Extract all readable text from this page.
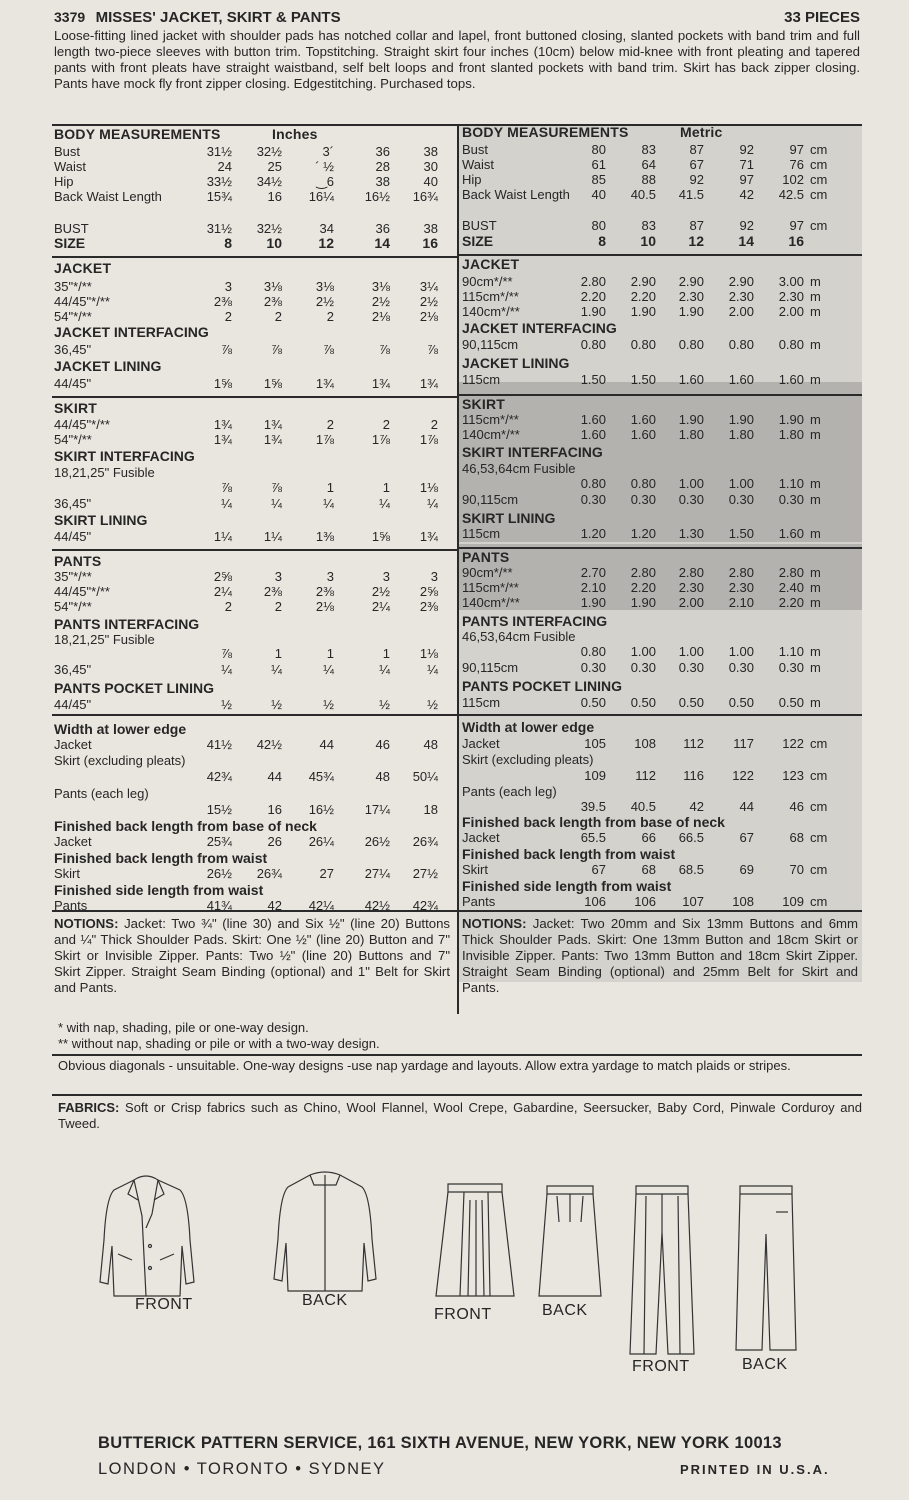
3379 MISSES' JACKET, SKIRT & PANTS	33 PIECES
Loose-fitting lined jacket with shoulder pads has notched collar and lapel, front buttoned closing, slanted pockets with band trim and full length two-piece sleeves with button trim. Topstitching. Straight skirt four inches (10cm) below mid-knee with front pleating and tapered pants with front pleats have straight waistband, self belt loops and front slanted pockets with band trim. Skirt has back zipper closing. Pants have mock fly front zipper closing. Edgestitching. Purchased tops.
BODY MEASUREMENTS	Inches	BODY MEASUREMENTS	Metric
Bust	31½	32½	3´	36	38 Bust	80	83	87	92	97 cm
Waist	24	25	´ ½	28	30 Waist	61	64	67	71	76 cm
Hip	33½	34½	‿6	38	40 Hip	85	88	92	97	102 cm
Back Waist Length	15¾	16	16¼	16½	16¾ Back Waist Length	40	40.5	41.5	42	42.5 cm
BUST	31½	32½	34	36	38
SIZE	8	10	12	14	16
BUST	80	83	87	92	97 cm
SIZE	8	10	12	14	16
JACKET	JACKET
35"*/**	3	3⅛	3⅛	3⅛	3¼ 90cm*/**	2.80	2.90	2.90	2.90	3.00 m
44/45"*/**	2⅜	2⅜	2½	2½	2½ 115cm*/**	2.20	2.20	2.30	2.30	2.30 m
54"*/**	2	2	2	2⅛	2⅛ 140cm*/**	1.90	1.90	1.90	2.00	2.00 m
JACKET INTERFACING
36,45"	⅞	⅞	⅞	⅞	⅞
JACKET LINING
44/45"	1⅝	1⅝	1¾	1¾	1¾
JACKET INTERFACING
90,115cm	0.80	0.80	0.80	0.80	0.80 m
JACKET LINING
115cm	1.50	1.50	1.60	1.60	1.60 m
SKIRT
44/45"*/**	1¾	1¾	2	2	2
54"*/**	1¾	1¾	1⅞	1⅞	1⅞
SKIRT INTERFACING
18,21,25" Fusible
⅞	⅞	1	1	1⅛
36,45"	¼	¼	¼	¼	¼
SKIRT LINING
44/45"	1¼	1¼	1⅜	1⅝	1¾
SKIRT
115cm*/**	1.60	1.60	1.90	1.90	1.90 m
140cm*/**	1.60	1.60	1.80	1.80	1.80 m
SKIRT INTERFACING
46,53,64cm Fusible
0.80	0.80	1.00	1.00	1.10 m
90,115cm	0.30	0.30	0.30	0.30	0.30 m
SKIRT LINING
115cm	1.20	1.20	1.30	1.50	1.60 m
PANTS
35"*/**	2⅝	3	3	3	3
44/45"*/**	2¼	2⅜	2⅜	2½	2⅝
54"*/**	2	2	2⅛	2¼	2⅜
PANTS INTERFACING
18,21,25" Fusible
⅞	1	1	1	1⅛
36,45"	¼	¼	¼	¼	¼
PANTS POCKET LINING
44/45"	½	½	½	½	½
PANTS
90cm*/**	2.70	2.80	2.80	2.80	2.80 m
115cm*/**	2.10	2.20	2.30	2.30	2.40 m
140cm*/**	1.90	1.90	2.00	2.10	2.20 m
PANTS INTERFACING
46,53,64cm Fusible
0.80	1.00	1.00	1.00	1.10 m
90,115cm	0.30	0.30	0.30	0.30	0.30 m
PANTS POCKET LINING
115cm	0.50	0.50	0.50	0.50	0.50 m
Width at lower edge
Jacket	41½	42½	44	46	48
Skirt (excluding pleats)
42¾	44	45¾	48	50¼
Pants (each leg)
15½	16	16½	17¼	18
Finished back length from base of neck
Jacket	25¾	26	26¼	26½	26¾
Finished back length from waist
Skirt	26½	26¾	27	27¼	27½
Finished side length from waist
Pants	41¾	42	42¼	42½	42¾
Width at lower edge
Jacket	105	108	112	117	122 cm
Skirt (excluding pleats)
109	112	116	122	123 cm
Pants (each leg)
39.5	40.5	42	44	46 cm
Finished back length from base of neck
Jacket	65.5	66	66.5	67	68 cm
Finished back length from waist
Skirt	67	68	68.5	69	70 cm
Finished side length from waist
Pants	106	106	107	108	109 cm
NOTIONS: Jacket: Two ¾" (line 30) and Six ½" (line 20) Buttons and ¼" Thick Shoulder Pads. Skirt: One ½" (line 20) Button and 7" Skirt or Invisible Zipper. Pants: Two ½" (line 20) Buttons and 7" Skirt Zipper. Straight Seam Binding (optional) and 1" Belt for Skirt and Pants.
NOTIONS: Jacket: Two 20mm and Six 13mm Buttons and 6mm Thick Shoulder Pads. Skirt: One 13mm Button and 18cm Skirt or Invisible Zipper. Pants: Two 13mm Button and 18cm Skirt Zipper. Straight Seam Binding (optional) and 25mm Belt for Skirt and Pants.
* with nap, shading, pile or one-way design.
** without nap, shading or pile or with a two-way design.
Obvious diagonals - unsuitable. One-way designs -use nap yardage and layouts. Allow extra yardage to match plaids or stripes.
FABRICS: Soft or Crisp fabrics such as Chino, Wool Flannel, Wool Crepe, Gabardine, Seersucker, Baby Cord, Pinwale Corduroy and Tweed.
FRONT	BACK
FRONT	BACK
FRONT	BACK
BUTTERICK PATTERN SERVICE, 161 SIXTH AVENUE, NEW YORK, NEW YORK 10013
LONDON • TORONTO • SYDNEY	PRINTED IN U.S.A.
